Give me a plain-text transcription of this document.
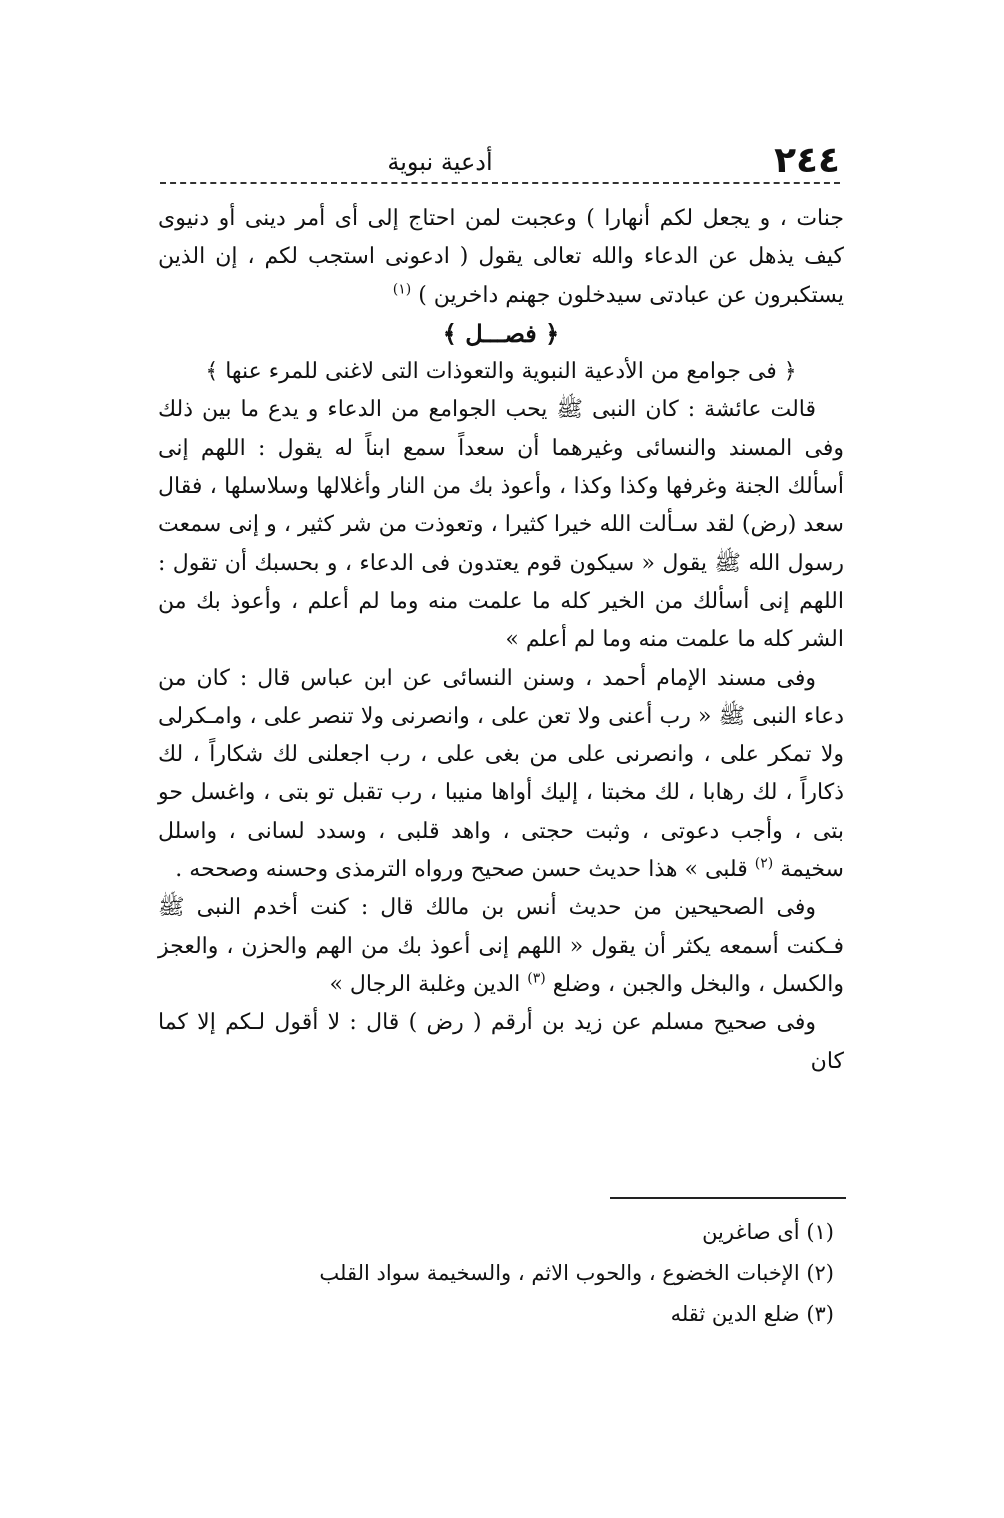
٢٤٤
أدعية نبوية

جنات ، و يجعل لكم أنهارا ) وعجبت لمن احتاج إلى أى أمر دينى أو دنيوى كيف يذهل عن الدعاء والله تعالى يقول ( ادعونى استجب لكم ، إن الذين يستكبرون عن عبادتى سيدخلون جهنم داخرين ) $^{(١)}$

﴿ فصـــل ﴾

﴿ فى جوامع من الأدعية النبوية والتعوذات التى لاغنى للمرء عنها ﴾

قالت عائشة : كان النبى ﷺ يحب الجوامع من الدعاء و يدع ما بين ذلك وفى المسند والنسائى وغيرهما أن سعداً سمع ابناً له يقول : اللهم إنى أسألك الجنة وغرفها وكذا وكذا ، وأعوذ بك من النار وأغلالها وسلاسلها ، فقال سعد (رض) لقد سـألت الله خيرا كثيرا ، وتعوذت من شر كثير ، و إنى سمعت رسول الله ﷺ يقول « سيكون قوم يعتدون فى الدعاء ، و بحسبك أن تقول : اللهم إنى أسألك من الخير كله ما علمت منه وما لم أعلم ، وأعوذ بك من الشر كله ما علمت منه وما لم أعلم »

وفى مسند الإمام أحمد ، وسنن النسائى عن ابن عباس قال : كان من دعاء النبى ﷺ « رب أعنى ولا تعن على ، وانصرنى ولا تنصر على ، وامـكرلى ولا تمكر على ، وانصرنى على من بغى على ، رب اجعلنى لك شكاراً ، لك ذكاراً ، لك رهابا ، لك مخبتا ، إليك أواها منيبا ، رب تقبل تو بتى ، واغسل حو بتى ، وأجب دعوتى ، وثبت حجتى ، واهد قلبى ، وسدد لسانى ، واسلل سخيمة $^{(٢)}$ قلبى » هذا حديث حسن صحيح ورواه الترمذى وحسنه وصححه .

وفى الصحيحين من حديث أنس بن مالك قال : كنت أخدم النبى ﷺ فـكنت أسمعه يكثر أن يقول « اللهم إنى أعوذ بك من الهم والحزن ، والعجز والكسل ، والبخل والجبن ، وضلع $^{(٣)}$ الدين وغلبة الرجال »

وفى صحيح مسلم عن زيد بن أرقم ( رض ) قال : لا أقول لـكم إلا كما كان

(١) أى صاغرين

(٢) الإخبات الخضوع ، والحوب الاثم ، والسخيمة سواد القلب

(٣) ضلع الدين ثقله
